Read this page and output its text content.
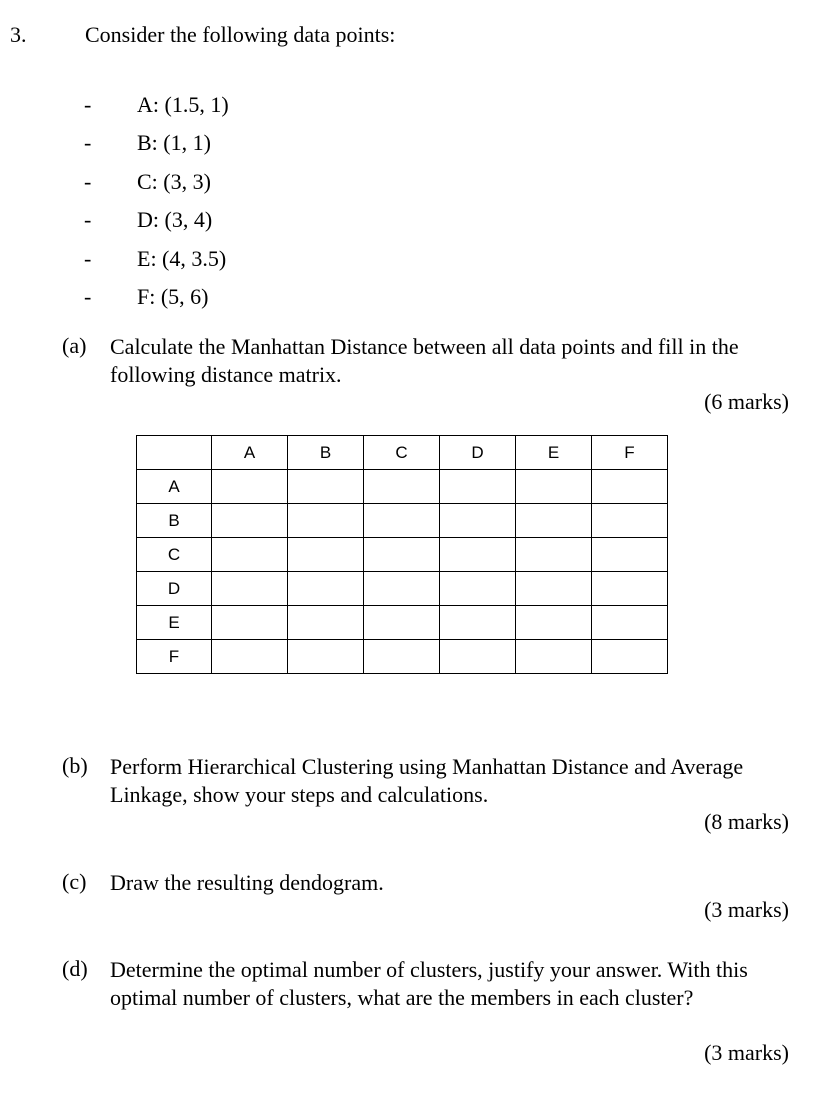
3.	Consider the following data points:
- A: (1.5, 1)
- B: (1, 1)
- C: (3, 3)
- D: (3, 4)
- E: (4, 3.5)
- F: (5, 6)
(a) Calculate the Manhattan Distance between all data points and fill in the following distance matrix.
(6 marks)
	A	B	C	D	E	F
A						
B						
C						
D						
E						
F						
(b) Perform Hierarchical Clustering using Manhattan Distance and Average Linkage, show your steps and calculations.
(8 marks)
(c) Draw the resulting dendogram.
(3 marks)
(d) Determine the optimal number of clusters, justify your answer. With this optimal number of clusters, what are the members in each cluster?
(3 marks)
